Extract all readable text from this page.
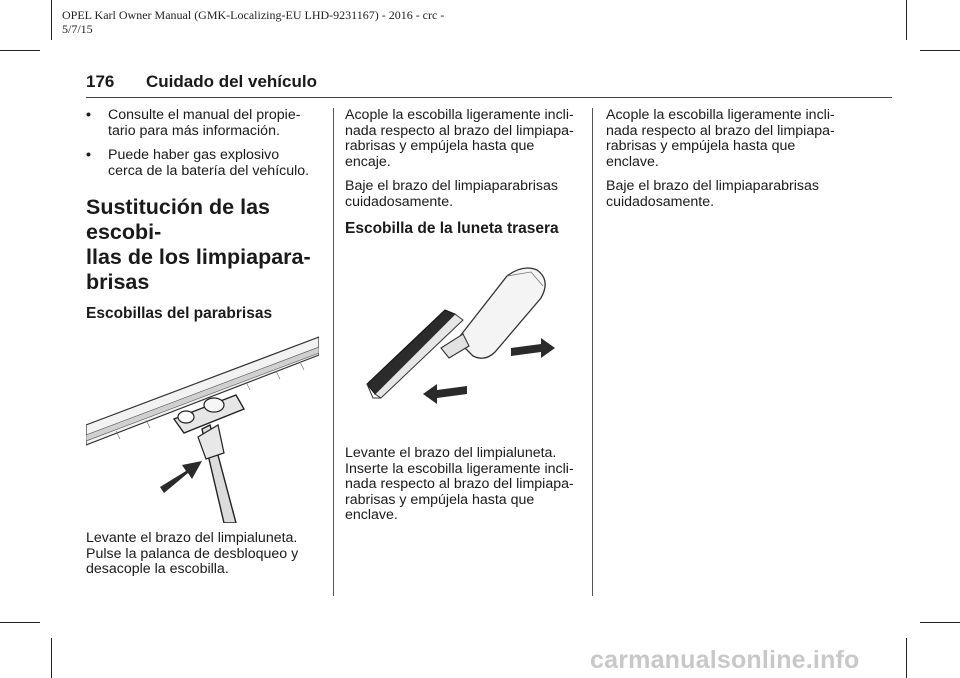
OPEL Karl Owner Manual (GMK-Localizing-EU LHD-9231167) - 2016 - crc -
5/7/15
176 Cuidado del vehículo
• Consulte el manual del propie-
tario para más información.
• Puede haber gas explosivo
cerca de la batería del vehículo.
Sustitución de las escobi-
llas de los limpiapara-
brisas
Escobillas del parabrisas

Levante el brazo del limpialuneta.
Pulse la palanca de desbloqueo y
desacople la escobilla.

Acople la escobilla ligeramente incli-
nada respecto al brazo del limpiapa-
rabrisas y empújela hasta que
encaje.

Baje el brazo del limpiaparabrisas
cuidadosamente.

Escobilla de la luneta trasera

Levante el brazo del limpialuneta.
Inserte la escobilla ligeramente incli-
nada respecto al brazo del limpiapa-
rabrisas y empújela hasta que
enclave.

Acople la escobilla ligeramente incli-
nada respecto al brazo del limpiapa-
rabrisas y empújela hasta que
enclave.

Baje el brazo del limpiaparabrisas
cuidadosamente.

carmanualsonline.info
